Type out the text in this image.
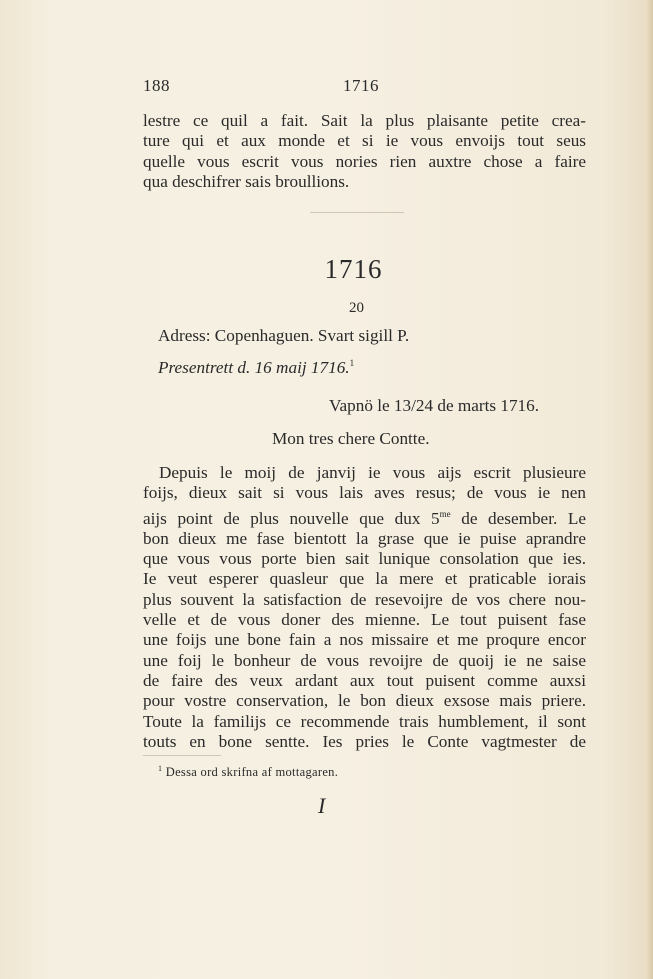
188	1716
lestre ce quil a fait. Sait la plus plaisante petite crea-
ture qui et aux monde et si ie vous envoijs tout seus
quelle vous escrit vous nories rien auxtre chose a faire
qua deschifrer sais broullions.
1716
20
Adress: Copenhaguen. Svart sigill P.
Presentrett d. 16 maij 1716.$^1$
Vapnö le 13/24 de marts 1716.
Mon tres chere Contte.
Depuis le moij de janvij ie vous aijs escrit plusieure
foijs, dieux sait si vous lais aves resus; de vous ie nen
aijs point de plus nouvelle que dux $5^{me}$ de desember. Le
bon dieux me fase bientott la grase que ie puise aprandre
que vous vous porte bien sait lunique consolation que ies.
Ie veut esperer quasleur que la mere et praticable iorais
plus souvent la satisfaction de resevoijre de vos chere nou-
velle et de vous doner des mienne. Le tout puisent fase
une foijs une bone fain a nos missaire et me proqure encor
une foij le bonheur de vous revoijre de quoij ie ne saise
de faire des veux ardant aux tout puisent comme auxsi
pour vostre conservation, le bon dieux exsose mais priere.
Toute la familijs ce recommende trais humblement, il sont
touts en bone sentte. Ies pries le Conte vagtmester de
$^1$ Dessa ord skrifna af mottagaren.
I
